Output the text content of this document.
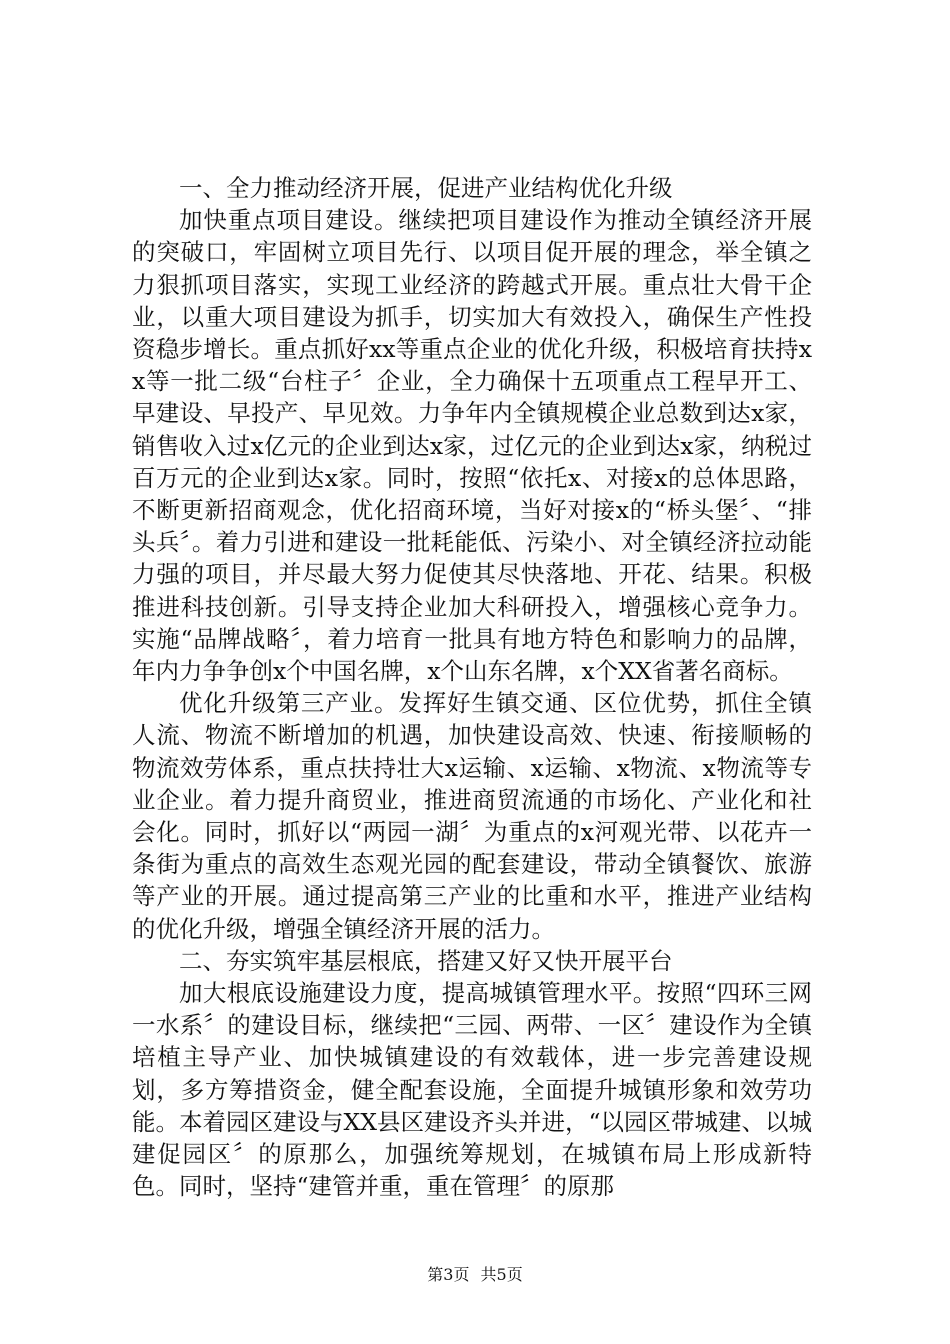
一、全力推动经济开展，促进产业结构优化升级

加快重点项目建设。继续把项目建设作为推动全镇经济开展的突破口，牢固树立项目先行、以项目促开展的理念，举全镇之力狠抓项目落实，实现工业经济的跨越式开展。重点壮大骨干企业，以重大项目建设为抓手，切实加大有效投入，确保生产性投资稳步增长。重点抓好xx等重点企业的优化升级，积极培育扶持xx等一批二级“台柱子〞企业，全力确保十五项重点工程早开工、早建设、早投产、早见效。力争年内全镇规模企业总数到达x家，销售收入过x亿元的企业到达x家，过亿元的企业到达x家，纳税过百万元的企业到达x家。同时，按照“依托x、对接x的总体思路，不断更新招商观念，优化招商环境，当好对接x的“桥头堡〞、“排头兵〞。着力引进和建设一批耗能低、污染小、对全镇经济拉动能力强的项目，并尽最大努力促使其尽快落地、开花、结果。积极推进科技创新。引导支持企业加大科研投入，增强核心竞争力。实施“品牌战略〞，着力培育一批具有地方特色和影响力的品牌，年内力争争创x个中国名牌，x个山东名牌，x个XX省著名商标。

优化升级第三产业。发挥好生镇交通、区位优势，抓住全镇人流、物流不断增加的机遇，加快建设高效、快速、衔接顺畅的物流效劳体系，重点扶持壮大x运输、x运输、x物流、x物流等专业企业。着力提升商贸业，推进商贸流通的市场化、产业化和社会化。同时，抓好以“两园一湖〞为重点的x河观光带、以花卉一条街为重点的高效生态观光园的配套建设，带动全镇餐饮、旅游等产业的开展。通过提高第三产业的比重和水平，推进产业结构的优化升级，增强全镇经济开展的活力。

二、夯实筑牢基层根底，搭建又好又快开展平台

加大根底设施建设力度，提高城镇管理水平。按照“四环三网一水系〞的建设目标，继续把“三园、两带、一区〞建设作为全镇培植主导产业、加快城镇建设的有效载体，进一步完善建设规划，多方筹措资金，健全配套设施，全面提升城镇形象和效劳功能。本着园区建设与XX县区建设齐头并进，“以园区带城建、以城建促园区〞的原那么，加强统筹规划，在城镇布局上形成新特色。同时，坚持“建管并重，重在管理〞的原那

第3页 共5页
